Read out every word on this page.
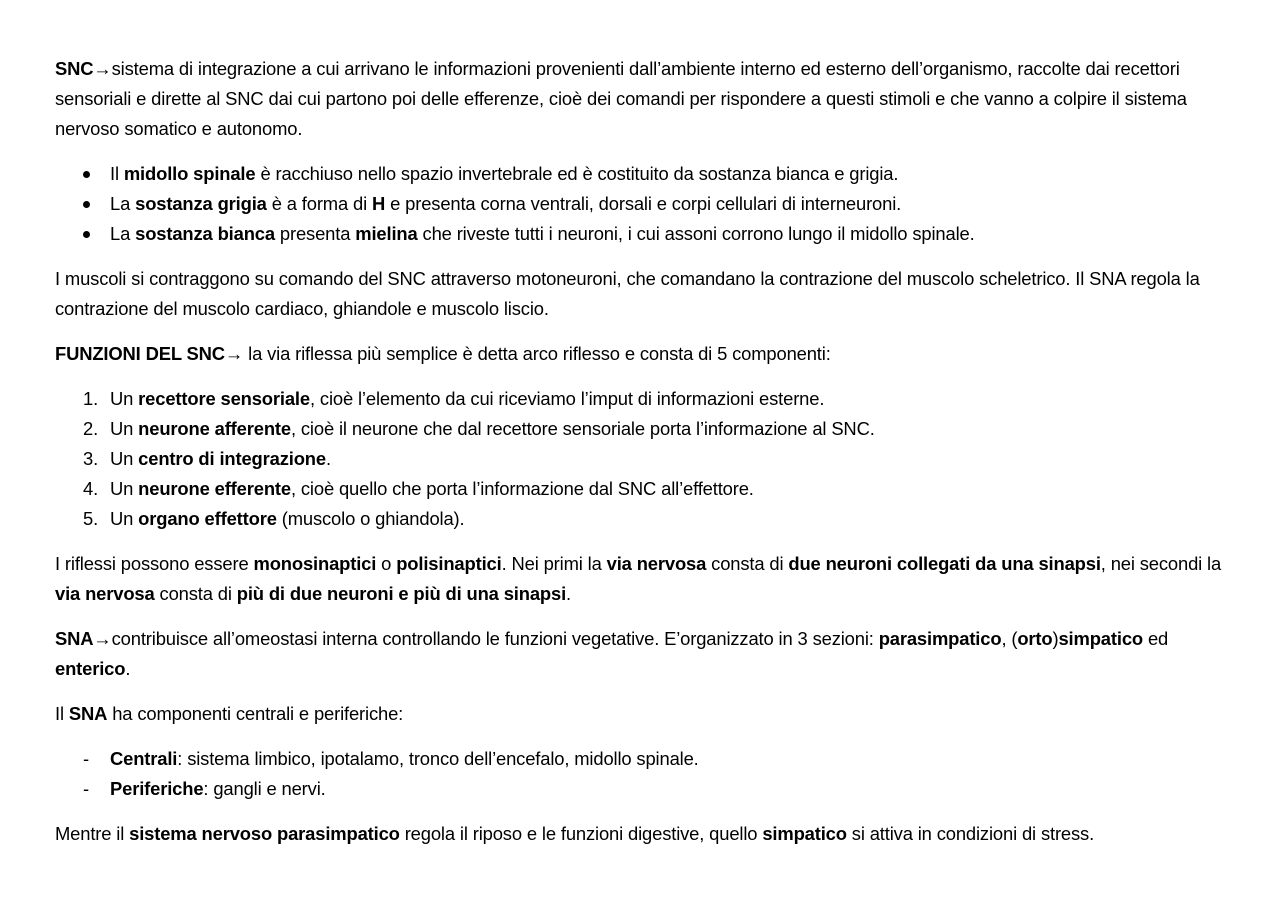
SNC→sistema di integrazione a cui arrivano le informazioni provenienti dall’ambiente interno ed esterno dell’organismo, raccolte dai recettori sensoriali e dirette al SNC dai cui partono poi delle efferenze, cioè dei comandi per rispondere a questi stimoli e che vanno a colpire il sistema nervoso somatico e autonomo.

Il midollo spinale è racchiuso nello spazio invertebrale ed è costituito da sostanza bianca e grigia.
La sostanza grigia è a forma di H e presenta corna ventrali, dorsali e corpi cellulari di interneuroni.
La sostanza bianca presenta mielina che riveste tutti i neuroni, i cui assoni corrono lungo il midollo spinale.

I muscoli si contraggono su comando del SNC attraverso motoneuroni, che comandano la contrazione del muscolo scheletrico. Il SNA regola la contrazione del muscolo cardiaco, ghiandole e muscolo liscio.

FUNZIONI DEL SNC→ la via riflessa più semplice è detta arco riflesso e consta di 5 componenti:

1. Un recettore sensoriale, cioè l’elemento da cui riceviamo l’imput di informazioni esterne.
2. Un neurone afferente, cioè il neurone che dal recettore sensoriale porta l’informazione al SNC.
3. Un centro di integrazione.
4. Un neurone efferente, cioè quello che porta l’informazione dal SNC all’effettore.
5. Un organo effettore (muscolo o ghiandola).

I riflessi possono essere monosinaptici o polisinaptici. Nei primi la via nervosa consta di due neuroni collegati da una sinapsi, nei secondi la via nervosa consta di più di due neuroni e più di una sinapsi.

SNA→contribuisce all’omeostasi interna controllando le funzioni vegetative. E’organizzato in 3 sezioni: parasimpatico, (orto)simpatico ed enterico.

Il SNA ha componenti centrali e periferiche:

- Centrali: sistema limbico, ipotalamo, tronco dell’encefalo, midollo spinale.
- Periferiche: gangli e nervi.

Mentre il sistema nervoso parasimpatico regola il riposo e le funzioni digestive, quello simpatico si attiva in condizioni di stress.
